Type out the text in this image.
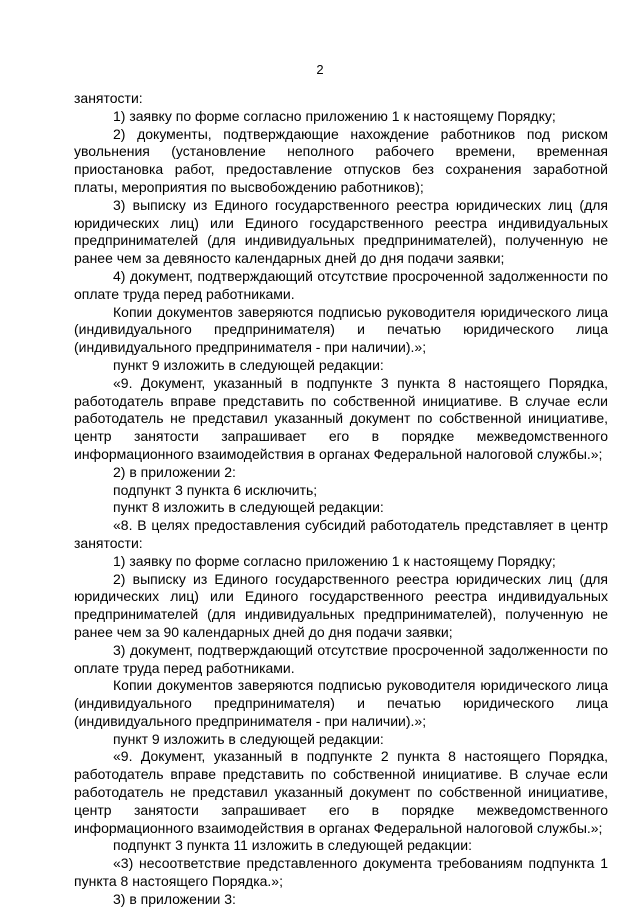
2

занятости:

1) заявку по форме согласно приложению 1 к настоящему Порядку;

2) документы, подтверждающие нахождение работников под риском увольнения (установление неполного рабочего времени, временная приостановка работ, предоставление отпусков без сохранения заработной платы, мероприятия по высвобождению работников);

3) выписку из Единого государственного реестра юридических лиц (для юридических лиц) или Единого государственного реестра индивидуальных предпринимателей (для индивидуальных предпринимателей), полученную не ранее чем за девяносто календарных дней до дня подачи заявки;

4) документ, подтверждающий отсутствие просроченной задолженности по оплате труда перед работниками.

Копии документов заверяются подписью руководителя юридического лица (индивидуального предпринимателя) и печатью юридического лица (индивидуального предпринимателя - при наличии).»;

пункт 9 изложить в следующей редакции:

«9. Документ, указанный в подпункте 3 пункта 8 настоящего Порядка, работодатель вправе представить по собственной инициативе. В случае если работодатель не представил указанный документ по собственной инициативе, центр занятости запрашивает его в порядке межведомственного информационного взаимодействия в органах Федеральной налоговой службы.»;

2) в приложении 2:

подпункт 3 пункта 6 исключить;

пункт 8 изложить в следующей редакции:

«8. В целях предоставления субсидий работодатель представляет в центр занятости:

1) заявку по форме согласно приложению 1 к настоящему Порядку;

2) выписку из Единого государственного реестра юридических лиц (для юридических лиц) или Единого государственного реестра индивидуальных предпринимателей (для индивидуальных предпринимателей), полученную не ранее чем за 90 календарных дней до дня подачи заявки;

3) документ, подтверждающий отсутствие просроченной задолженности по оплате труда перед работниками.

Копии документов заверяются подписью руководителя юридического лица (индивидуального предпринимателя) и печатью юридического лица (индивидуального предпринимателя - при наличии).»;

пункт 9 изложить в следующей редакции:

«9. Документ, указанный в подпункте 2 пункта 8 настоящего Порядка, работодатель вправе представить по собственной инициативе. В случае если работодатель не представил указанный документ по собственной инициативе, центр занятости запрашивает его в порядке межведомственного информационного взаимодействия в органах Федеральной налоговой службы.»;

подпункт 3 пункта 11 изложить в следующей редакции:

«3) несоответствие представленного документа требованиям подпункта 1 пункта 8 настоящего Порядка.»;

3) в приложении 3:
